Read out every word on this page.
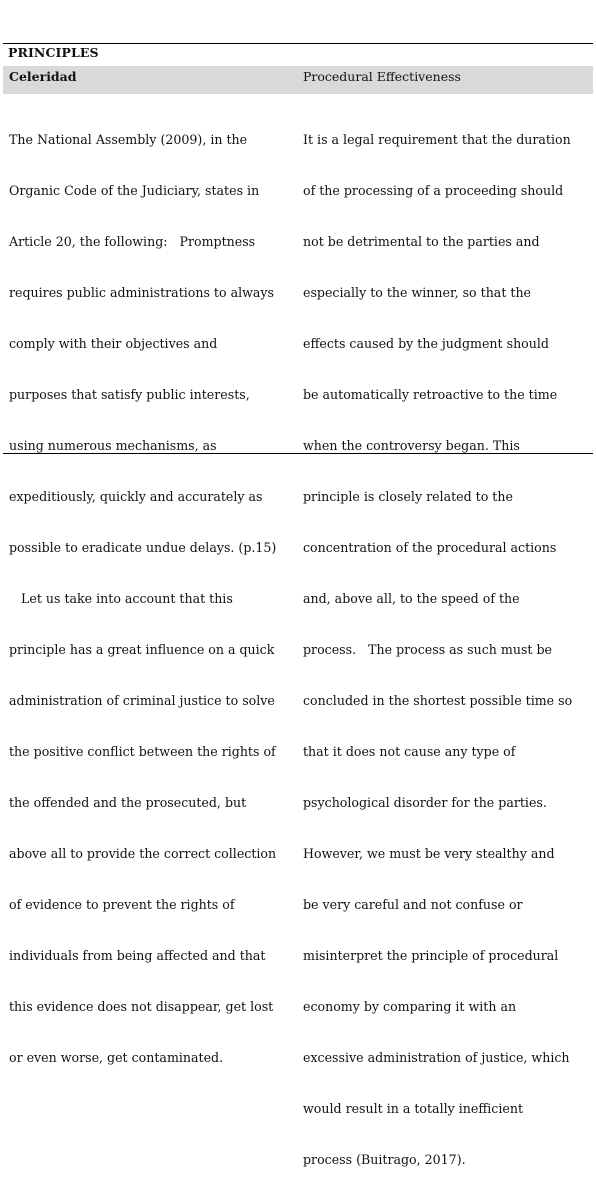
PRINCIPLES
Celeridad	Procedural Effectiveness

The National Assembly (2009), in the

Organic Code of the Judiciary, states in

Article 20, the following:   Promptness

requires public administrations to always

comply with their objectives and

purposes that satisfy public interests,

using numerous mechanisms, as

expeditiously, quickly and accurately as

possible to eradicate undue delays. (p.15)

Let us take into account that this

principle has a great influence on a quick

administration of criminal justice to solve

the positive conflict between the rights of

the offended and the prosecuted, but

above all to provide the correct collection

of evidence to prevent the rights of

individuals from being affected and that

this evidence does not disappear, get lost

or even worse, get contaminated.

It is a legal requirement that the duration

of the processing of a proceeding should

not be detrimental to the parties and

especially to the winner, so that the

effects caused by the judgment should

be automatically retroactive to the time

when the controversy began. This

principle is closely related to the

concentration of the procedural actions

and, above all, to the speed of the

process.   The process as such must be

concluded in the shortest possible time so

that it does not cause any type of

psychological disorder for the parties.

However, we must be very stealthy and

be very careful and not confuse or

misinterpret the principle of procedural

economy by comparing it with an

excessive administration of justice, which

would result in a totally inefficient

process (Buitrago, 2017).
